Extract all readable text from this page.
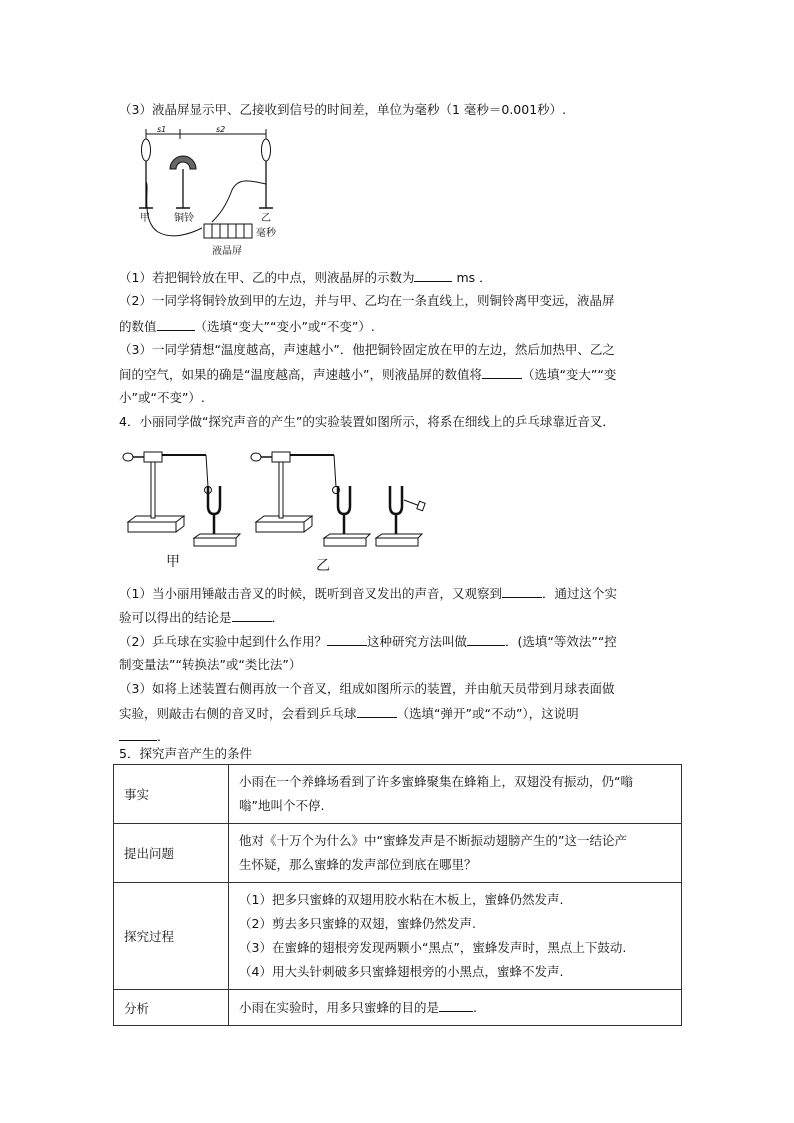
（3）液晶屏显示甲、乙接收到信号的时间差，单位为毫秒（1 毫秒＝0.001秒）.
s1	s2
甲 铜铃	乙
毫秒
液晶屏
（1）若把铜铃放在甲、乙的中点，则液晶屏的示数为	ms ．
（2）一同学将铜铃放到甲的左边，并与甲、乙均在一条直线上，则铜铃离甲变远，液晶屏
的数值	（选填“变大”“变小”或“不变”）.
（3）一同学猜想“温度越高，声速越小”．他把铜铃固定放在甲的左边，然后加热甲、乙之
间的空气，如果的确是“温度越高，声速越小”，则液晶屏的数值将	（选填“变大”“变
小”或“不变”）.
4．小丽同学做“探究声音的产生”的实验装置如图所示，将系在细线上的乒乓球靠近音叉．
甲	乙
（1）当小丽用锤敲击音叉的时候，既听到音叉发出的声音，又观察到	．通过这个实
验可以得出的结论是	．
（2）乒乓球在实验中起到什么作用？	这种研究方法叫做	．(选填“等效法”“控
制变量法”“转换法”或“类比法”）
（3）如将上述装置右侧再放一个音叉，组成如图所示的装置，并由航天员带到月球表面做
实验，则敲击右侧的音叉时，会看到乒乓球	（选填“弹开”或“不动”），这说明
．
5．探究声音产生的条件
事实	小雨在一个养蜂场看到了许多蜜蜂聚集在蜂箱上，双翅没有振动，仍“嗡
嗡”地叫个不停.

提出问题	他对《十万个为什么》中“蜜蜂发声是不断振动翅膀产生的”这一结论产
生怀疑，那么蜜蜂的发声部位到底在哪里？

探究过程	（1）把多只蜜蜂的双翅用胶水粘在木板上，蜜蜂仍然发声.
（2）剪去多只蜜蜂的双翅，蜜蜂仍然发声.
（3）在蜜蜂的翅根旁发现两颗小“黑点”，蜜蜂发声时，黑点上下鼓动.
（4）用大头针刺破多只蜜蜂翅根旁的小黑点，蜜蜂不发声.

分析	小雨在实验时，用多只蜜蜂的目的是 .
